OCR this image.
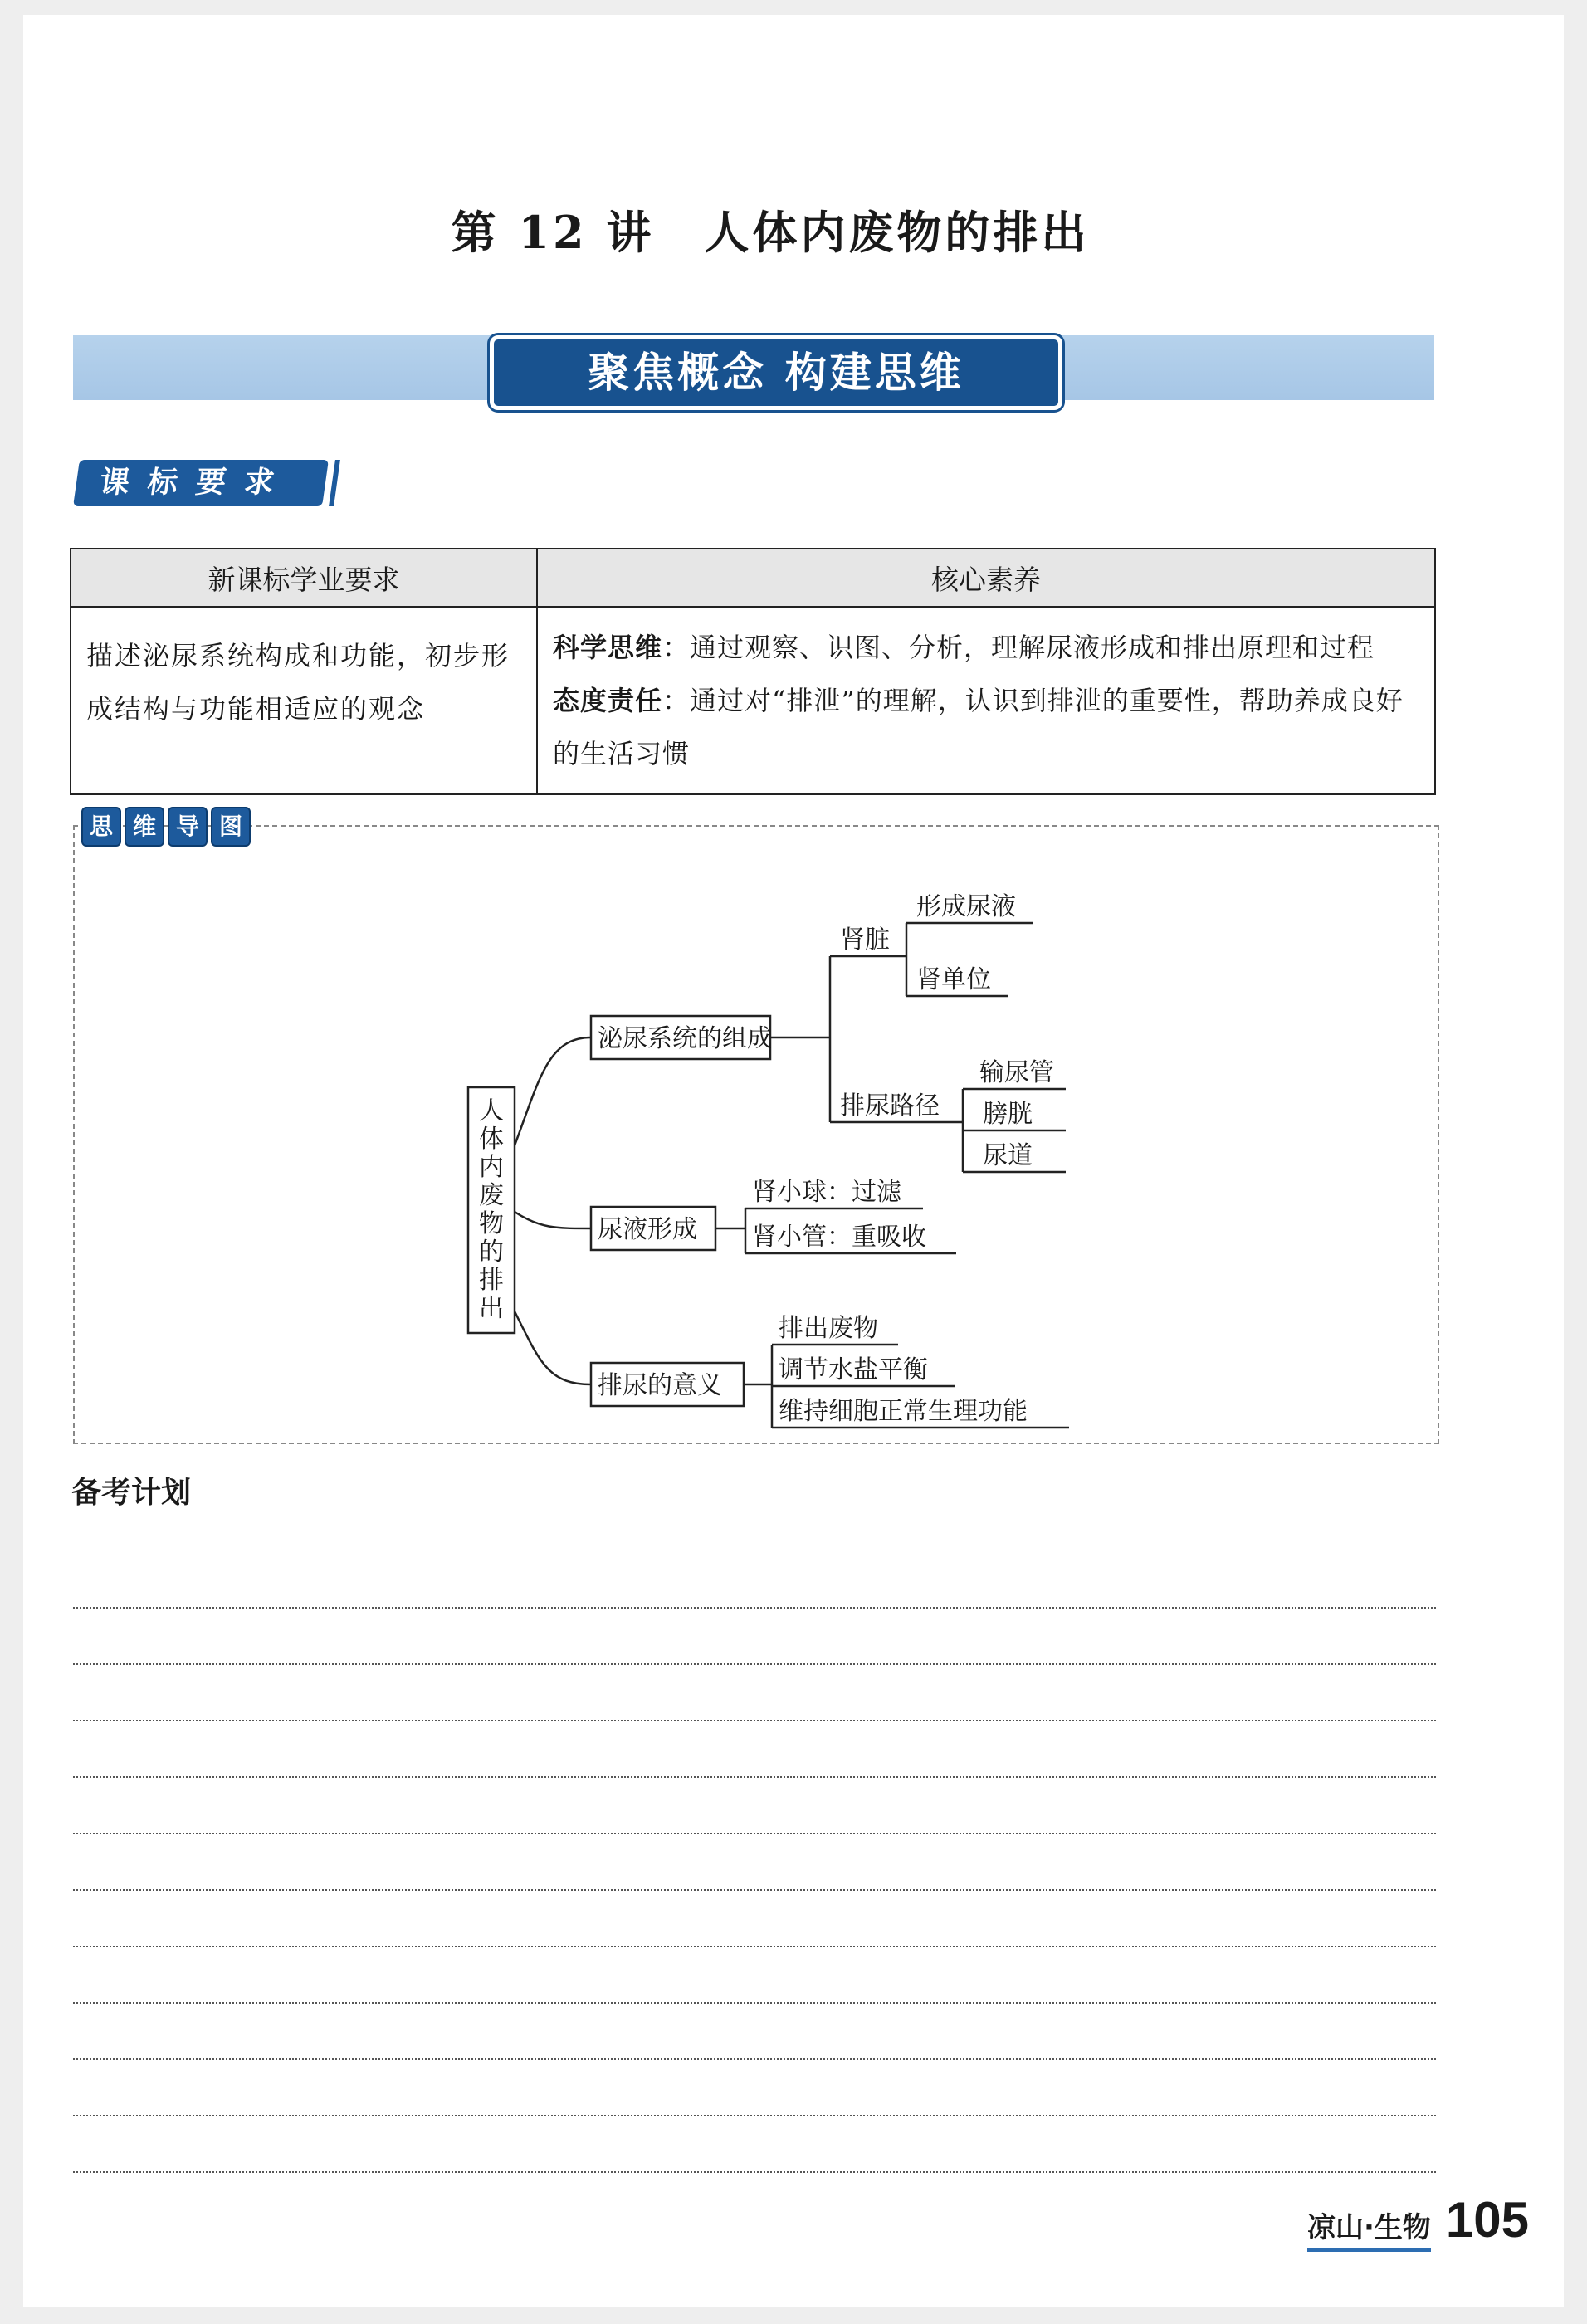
第 12 讲 人体内废物的排出
聚焦概念 构建思维
课标要求
新课标学业要求	核心素养
描述泌尿系统构成和功能，初步形成结构与功能相适应的观念	科学思维：通过观察、识图、分析，理解尿液形成和排出原理和过程
态度责任：通过对“排泄”的理解，认识到排泄的重要性，帮助养成良好的生活习惯
思 维 导 图
人
体
内
废
物
的
排
出
泌尿系统的组成
尿液形成
排尿的意义
肾脏
形成尿液
肾单位
排尿路径
输尿管
膀胱
尿道
肾小球：过滤
肾小管：重吸收
排出废物
调节水盐平衡
维持细胞正常生理功能
备考计划
凉山·生物 105
